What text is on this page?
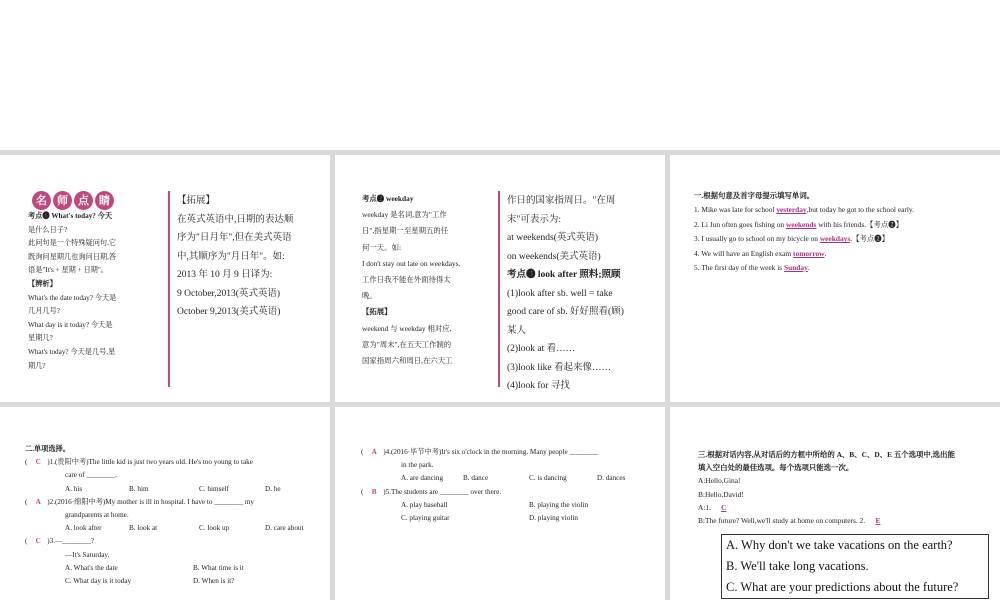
名 师 点 睛
考点❶ What's today? 今天
是什么日子?
此问句是一个特殊疑问句,它
既询问星期几也询问日期,答
语是"It's + 星期 + 日期"。
【辨析】
What's the date today? 今天是
几月几号?
What day is it today? 今天是
星期几?
What's today? 今天是几号,星
期几?
【拓展】
在英式英语中,日期的表达顺
序为"日月年",但在美式英语
中,其顺序为"月日年"。如:
2013 年 10 月 9 日译为:
9 October,2013(英式英语)
October 9,2013(美式英语)
考点❷ weekday
weekday 是名词,意为"工作
日",指星期一至星期五的任
何一天。如:
I don't stay out late on weekdays.
工作日我不能在外面待得太
晚。
【拓展】
weekend 与 weekday 相对应,
意为"周末",在五天工作制的
国家指周六和周日,在六天工
作日的国家指周日。"在周
末"可表示为:
at weekends(英式英语)
on weekends(美式英语)
考点❸ look after 照料;照顾
(1)look after sb. well = take
good care of sb. 好好照看(顾)
某人
(2)look at 看……
(3)look like 看起来像……
(4)look for 寻找
一.根据句意及首字母提示填写单词。
1. Mike was late for school yesterday,but today he got to the school early.
2. Li Jun often goes fishing on weekends with his friends.【考点❷】
3. I usually go to school on my bicycle on weekdays.【考点❷】
4. We will have an English exam tomorrow.
5. The first day of the week is Sunday.
二.单项选择。
( C )1.(贵阳中考)The little kid is just two years old. He's too young to take
care of ________.
A. his	B. him	C. himself	D. he
( A )2.(2016·绵阳中考)My mother is ill in hospital. I have to ________ my
grandparents at home.
A. look after	B. look at	C. look up	D. care about
( C )3.—________?
—It's Saturday.
A. What's the date	B. What time is it
C. What day is it today	D. When is it?
( A )4.(2016·毕节中考)It's six o'clock in the morning. Many people ________
in the park.
A. are dancing	B. dance	C. is dancing	D. dances
( B )5.The students are ________ over there.
A. play baseball	B. playing the violin
C. playing guitar	D. playing violin
三.根据对话内容,从对话后的方框中所给的 A、B、C、D、E 五个选项中,选出能
填入空白处的最佳选项。每个选项只能选一次。
A:Hello,Gina!
B:Hello,David!
A:1. C
B:The future? Well,we'll study at home on computers. 2. E
A. Why don't we take vacations on the earth?
B. We'll take long vacations.
C. What are your predictions about the future?
